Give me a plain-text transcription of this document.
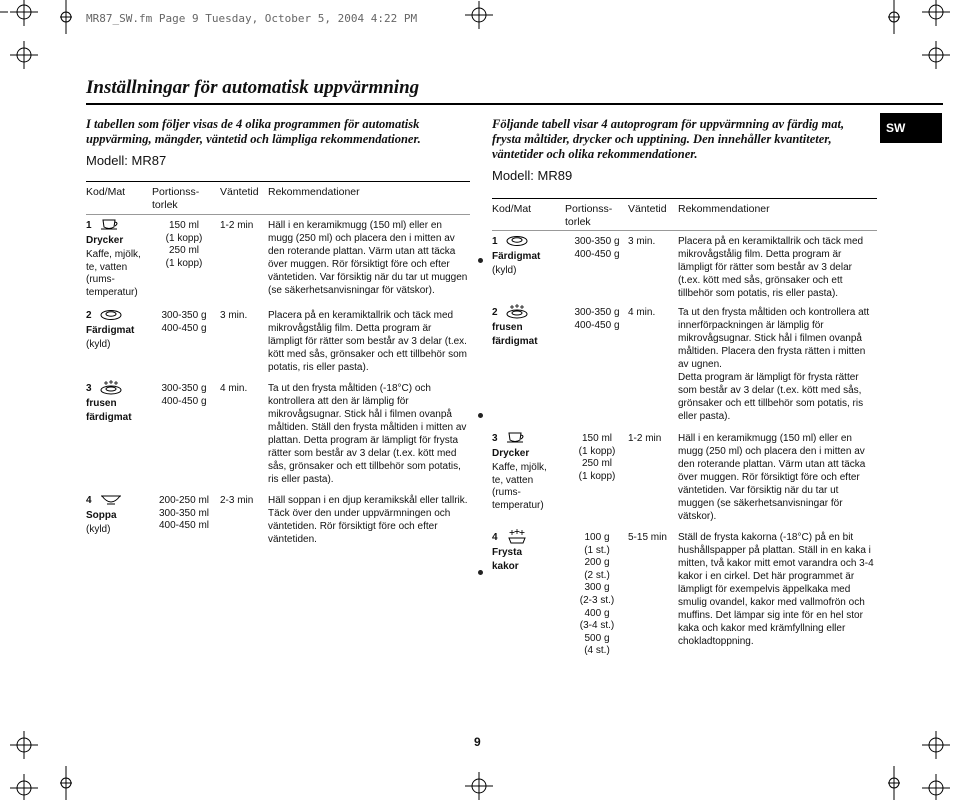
MR87_SW.fm Page 9 Tuesday, October 5, 2004 4:22 PM
Inställningar för automatisk uppvärmning
I tabellen som följer visas de 4 olika programmen för automatisk
uppvärming, mängder, väntetid och lämpliga rekommendationer.
Modell: MR87
Kod/Mat	Portionss-
torlek
Väntetid Rekommendationer
1
Drycker
Kaffe, mjölk,
te, vatten
(rums-
temperatur)
150 ml
(1 kopp)
250 ml
(1 kopp)
1-2 min Häll i en keramikmugg (150 ml) eller en
mugg (250 ml) och placera den i mitten av
den roterande plattan. Värm utan att täcka
över muggen. Rör försiktigt före och efter
väntetiden. Var försiktig när du tar ut muggen
(se säkerhetsanvisningar för vätskor).
2
Färdigmat
(kyld)
300-350 g
400-450 g
3 min. Placera på en keramiktallrik och täck med
mikrovågstålig film. Detta program är
lämpligt för rätter som består av 3 delar (t.ex.
kött med sås, grönsaker och ett tillbehör som
potatis, ris eller pasta).
3
frusen
färdigmat
300-350 g
400-450 g
4 min. Ta ut den frysta måltiden (-18°C) och
kontrollera att den är lämplig för
mikrovågsugnar. Stick hål i filmen ovanpå
måltiden. Ställ den frysta måltiden i mitten av
plattan. Detta program är lämpligt för frysta
rätter som består av 3 delar (t.ex. kött med
sås, grönsaker och ett tillbehör som potatis,
ris eller pasta).
4
Soppa
(kyld)
200-250 ml
300-350 ml
400-450 ml
2-3 min Häll soppan i en djup keramikskål eller tallrik.
Täck över den under uppvärmningen och
väntetiden. Rör försiktigt före och efter
väntetiden.
Följande tabell visar 4 autoprogram för uppvärmning av färdig mat,
frysta måltider, drycker och upptining. Den innehåller kvantiteter,
väntetider och olika rekommendationer.
Modell: MR89
Kod/Mat	Portionss-
torlek
Väntetid Rekommendationer
1
Färdigmat
(kyld)
300-350 g
400-450 g
3 min. Placera på en keramiktallrik och täck med
mikrovågstålig film. Detta program är
lämpligt för rätter som består av 3 delar
(t.ex. kött med sås, grönsaker och ett
tillbehör som potatis, ris eller pasta).
2
frusen
färdigmat
300-350 g
400-450 g
4 min. Ta ut den frysta måltiden och kontrollera att
innerförpackningen är lämplig för
mikrovågsugnar. Stick hål i filmen ovanpå
måltiden. Placera den frysta rätten i mitten
av ugnen.
Detta program är lämpligt för frysta rätter
som består av 3 delar (t.ex. kött med sås,
grönsaker och ett tillbehör som potatis, ris
eller pasta).
3
Drycker
Kaffe, mjölk,
te, vatten
(rums-
temperatur)
150 ml
(1 kopp)
250 ml
(1 kopp)
1-2 min Häll i en keramikmugg (150 ml) eller en
mugg (250 ml) och placera den i mitten av
den roterande plattan. Värm utan att täcka
över muggen. Rör försiktigt före och efter
väntetiden. Var försiktig när du tar ut
muggen (se säkerhetsanvisningar för
vätskor).
4
Frysta
kakor
100 g
(1 st.)
200 g
(2 st.)
300 g
(2-3 st.)
400 g
(3-4 st.)
500 g
(4 st.)
5-15 min Ställ de frysta kakorna (-18°C) på en bit
hushållspapper på plattan. Ställ in en kaka i
mitten, två kakor mitt emot varandra och 3-4
kakor i en cirkel. Det här programmet är
lämpligt för exempelvis äppelkaka med
smulig ovandel, kakor med vallmofrön och
muffins. Det lämpar sig inte för en hel stor
kaka och kakor med krämfyllning eller
chokladtoppning.
SW
9
